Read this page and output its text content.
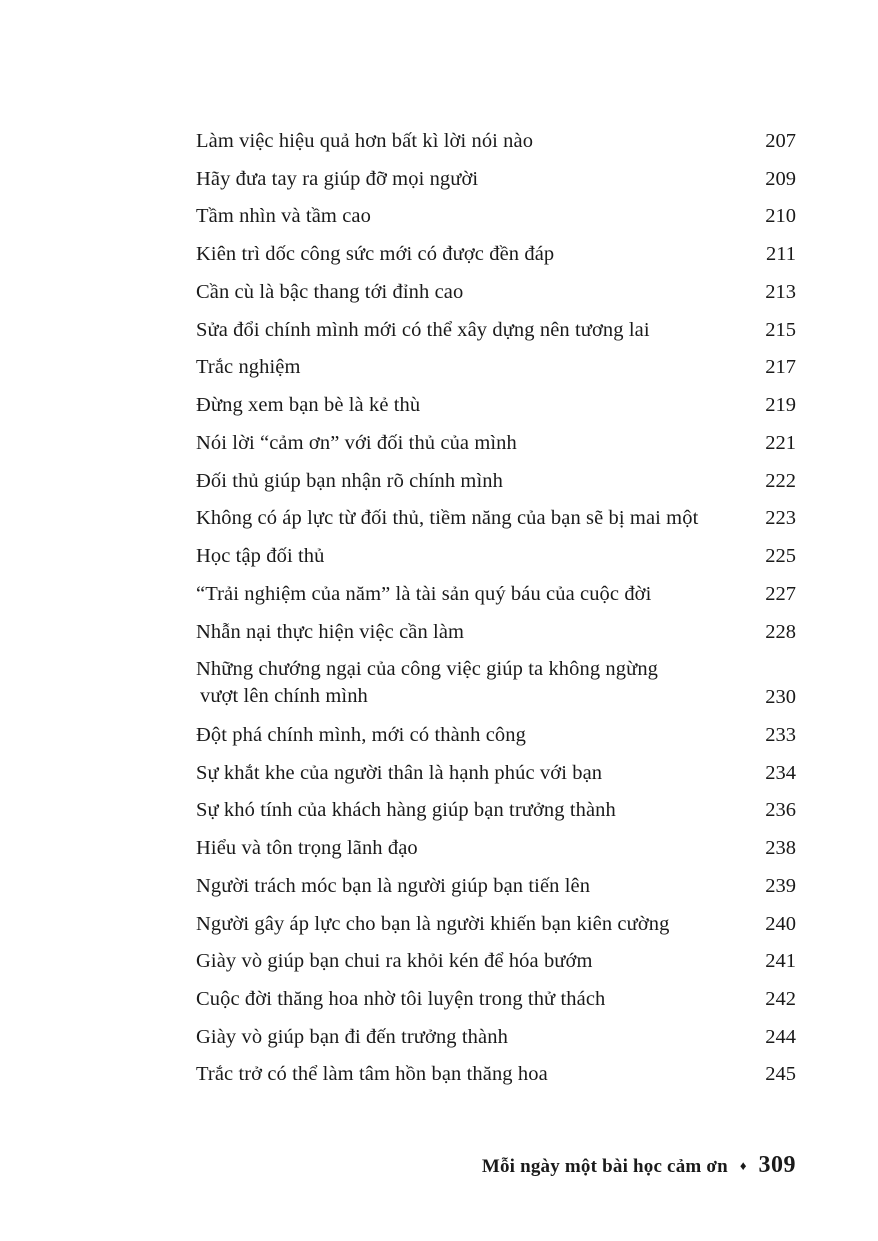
Làm việc hiệu quả hơn bất kì lời nói nào	207
Hãy đưa tay ra giúp đỡ mọi người	209
Tầm nhìn và tầm cao	210
Kiên trì dốc công sức mới có được đền đáp	211
Cần cù là bậc thang tới đỉnh cao	213
Sửa đổi chính mình mới có thể xây dựng nên tương lai	215
Trắc nghiệm	217
Đừng xem bạn bè là kẻ thù	219
Nói lời “cảm ơn” với đối thủ của mình	221
Đối thủ giúp bạn nhận rõ chính mình	222
Không có áp lực từ đối thủ, tiềm năng của bạn sẽ bị mai một	223
Học tập đối thủ	225
“Trải nghiệm của năm” là tài sản quý báu của cuộc đời	227
Nhẫn nại thực hiện việc cần làm	228
Những chướng ngại của công việc giúp ta không ngừng
vượt lên chính mình	230
Đột phá chính mình, mới có thành công	233
Sự khắt khe của người thân là hạnh phúc với bạn	234
Sự khó tính của khách hàng giúp bạn trưởng thành	236
Hiểu và tôn trọng lãnh đạo	238
Người trách móc bạn là người giúp bạn tiến lên	239
Người gây áp lực cho bạn là người khiến bạn kiên cường	240
Giày vò giúp bạn chui ra khỏi kén để hóa bướm	241
Cuộc đời thăng hoa nhờ tôi luyện trong thử thách	242
Giày vò giúp bạn đi đến trưởng thành	244
Trắc trở có thể làm tâm hồn bạn thăng hoa	245
Mỗi ngày một bài học cảm ơn ♦ 309
